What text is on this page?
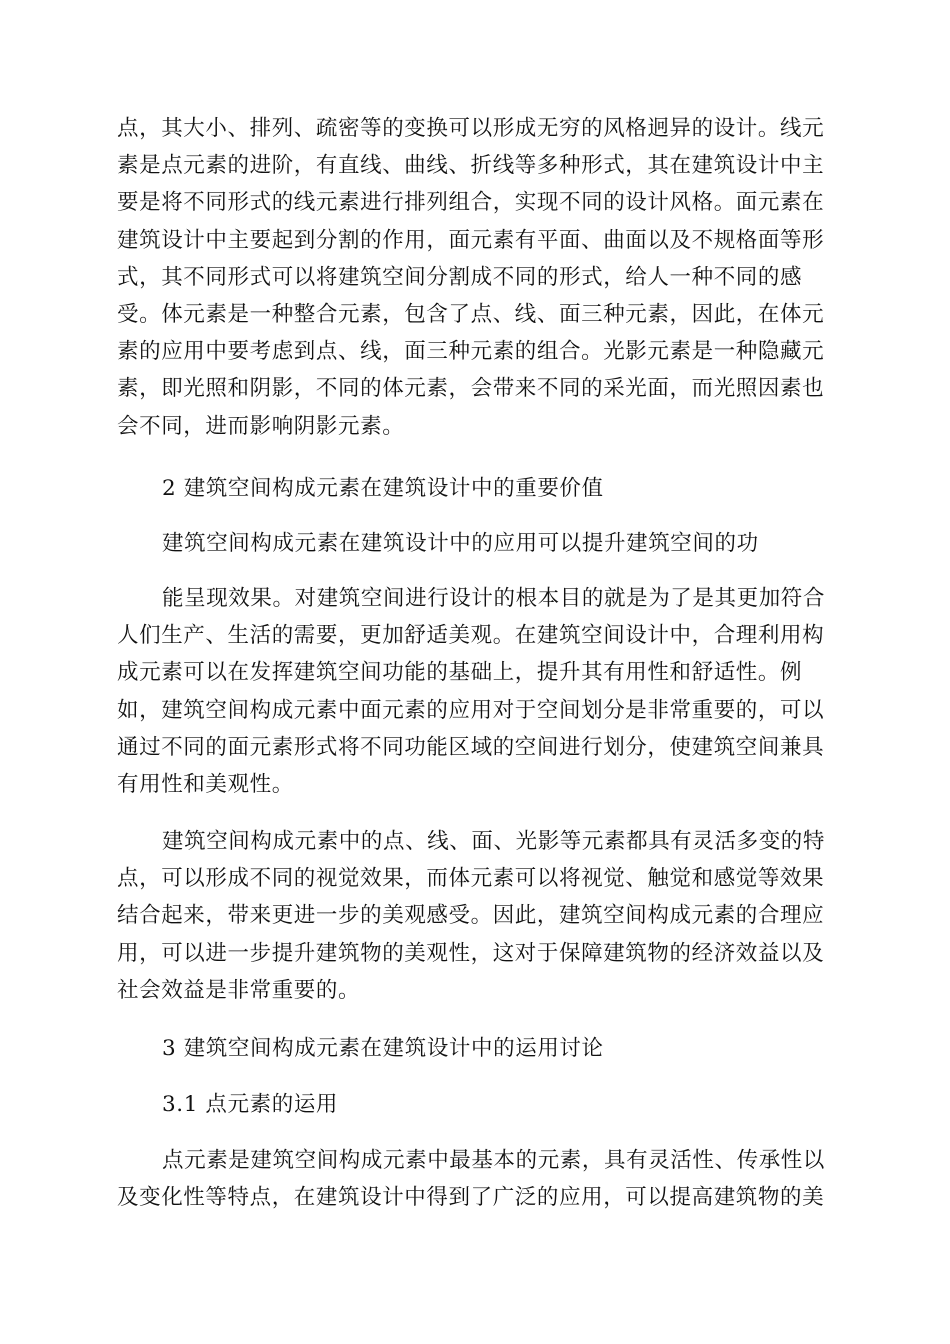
点，其大小、排列、疏密等的变换可以形成无穷的风格迥异的设计。线元
素是点元素的进阶，有直线、曲线、折线等多种形式，其在建筑设计中主
要是将不同形式的线元素进行排列组合，实现不同的设计风格。面元素在
建筑设计中主要起到分割的作用，面元素有平面、曲面以及不规格面等形
式，其不同形式可以将建筑空间分割成不同的形式，给人一种不同的感
受。体元素是一种整合元素，包含了点、线、面三种元素，因此，在体元
素的应用中要考虑到点、线，面三种元素的组合。光影元素是一种隐藏元
素，即光照和阴影，不同的体元素，会带来不同的采光面，而光照因素也
会不同，进而影响阴影元素。
2 建筑空间构成元素在建筑设计中的重要价值
建筑空间构成元素在建筑设计中的应用可以提升建筑空间的功
能呈现效果。对建筑空间进行设计的根本目的就是为了是其更加符合
人们生产、生活的需要，更加舒适美观。在建筑空间设计中，合理利用构
成元素可以在发挥建筑空间功能的基础上，提升其有用性和舒适性。例
如，建筑空间构成元素中面元素的应用对于空间划分是非常重要的，可以
通过不同的面元素形式将不同功能区域的空间进行划分，使建筑空间兼具
有用性和美观性。
建筑空间构成元素中的点、线、面、光影等元素都具有灵活多变的特
点，可以形成不同的视觉效果，而体元素可以将视觉、触觉和感觉等效果
结合起来，带来更进一步的美观感受。因此，建筑空间构成元素的合理应
用，可以进一步提升建筑物的美观性，这对于保障建筑物的经济效益以及
社会效益是非常重要的。
3 建筑空间构成元素在建筑设计中的运用讨论
3.1 点元素的运用
点元素是建筑空间构成元素中最基本的元素，具有灵活性、传承性以
及变化性等特点，在建筑设计中得到了广泛的应用，可以提高建筑物的美
